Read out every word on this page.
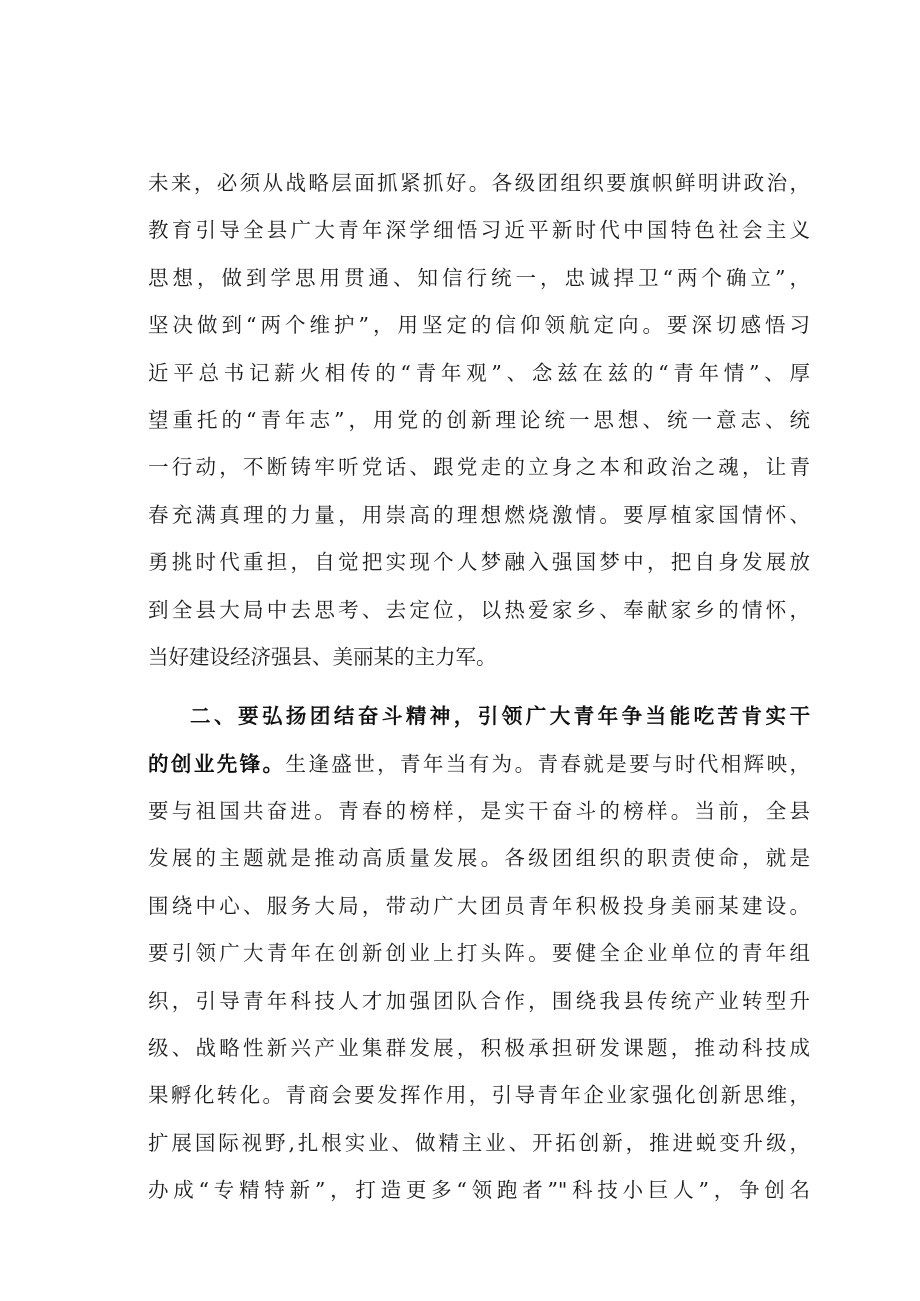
未来，必须从战略层面抓紧抓好。各级团组织要旗帜鲜明讲政治，
教育引导全县广大青年深学细悟习近平新时代中国特色社会主义
思想，做到学思用贯通、知信行统一，忠诚捍卫“两个确立”，
坚决做到“两个维护”，用坚定的信仰领航定向。要深切感悟习
近平总书记薪火相传的“青年观”、念兹在兹的“青年情”、厚
望重托的“青年志”，用党的创新理论统一思想、统一意志、统
一行动，不断铸牢听党话、跟党走的立身之本和政治之魂，让青
春充满真理的力量，用崇高的理想燃烧激情。要厚植家国情怀、
勇挑时代重担，自觉把实现个人梦融入强国梦中，把自身发展放
到全县大局中去思考、去定位，以热爱家乡、奉献家乡的情怀，
当好建设经济强县、美丽某的主力军。
二、要弘扬团结奋斗精神，引领广大青年争当能吃苦肯实干
的创业先锋。生逢盛世，青年当有为。青春就是要与时代相辉映，
要与祖国共奋进。青春的榜样，是实干奋斗的榜样。当前，全县
发展的主题就是推动高质量发展。各级团组织的职责使命，就是
围绕中心、服务大局，带动广大团员青年积极投身美丽某建设。
要引领广大青年在创新创业上打头阵。要健全企业单位的青年组
织，引导青年科技人才加强团队合作，围绕我县传统产业转型升
级、战略性新兴产业集群发展，积极承担研发课题，推动科技成
果孵化转化。青商会要发挥作用，引导青年企业家强化创新思维，
扩展国际视野,扎根实业、做精主业、开拓创新，推进蜕变升级，
办成“专精特新”，打造更多“领跑者”"科技小巨人”，争创名
